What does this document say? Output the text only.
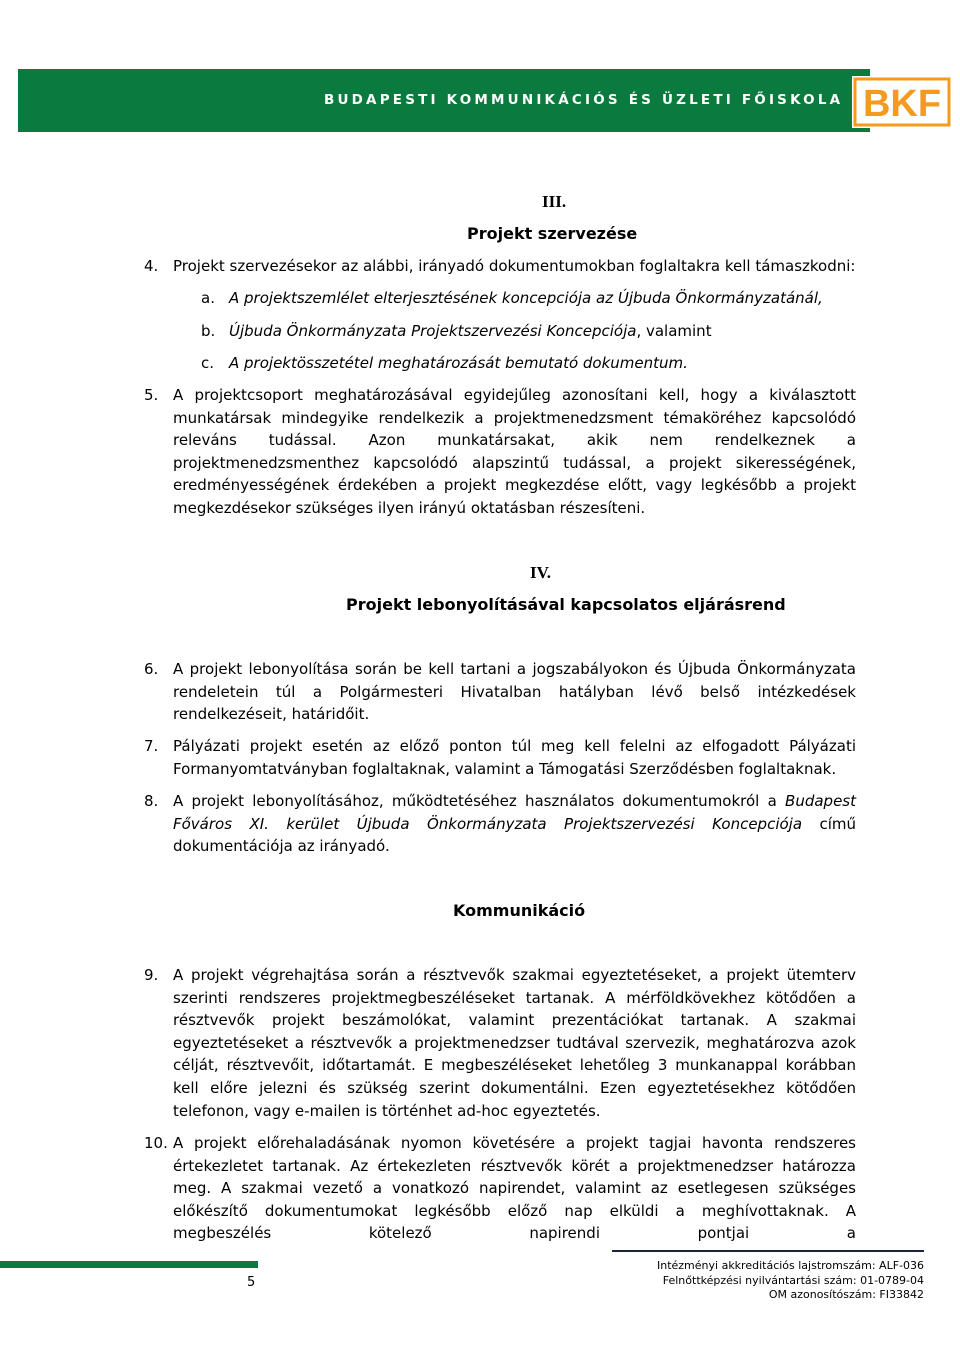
BUDAPESTI KOMMUNIKÁCIÓS ÉS ÜZLETI FŐISKOLA BKF
III.
Projekt szervezése
4. Projekt szervezésekor az alábbi, irányadó dokumentumokban foglaltakra kell támaszkodni:
a. A projektszemlélet elterjesztésének koncepciója az Újbuda Önkormányzatánál,
b. Újbuda Önkormányzata Projektszervezési Koncepciója, valamint
c. A projektösszetétel meghatározását bemutató dokumentum.
5. A projektcsoport meghatározásával egyidejűleg azonosítani kell, hogy a kiválasztott munkatársak mindegyike rendelkezik a projektmenedzsment témaköréhez kapcsolódó releváns tudással. Azon munkatársakat, akik nem rendelkeznek a projektmenedzsmenthez kapcsolódó alapszintű tudással, a projekt sikerességének, eredményességének érdekében a projekt megkezdése előtt, vagy legkésőbb a projekt megkezdésekor szükséges ilyen irányú oktatásban részesíteni.
IV.
Projekt lebonyolításával kapcsolatos eljárásrend
6. A projekt lebonyolítása során be kell tartani a jogszabályokon és Újbuda Önkormányzata rendeletein túl a Polgármesteri Hivatalban hatályban lévő belső intézkedések rendelkezéseit, határidőit.
7. Pályázati projekt esetén az előző ponton túl meg kell felelni az elfogadott Pályázati Formanyomtatványban foglaltaknak, valamint a Támogatási Szerződésben foglaltaknak.
8. A projekt lebonyolításához, működtetéséhez használatos dokumentumokról a Budapest Főváros XI. kerület Újbuda Önkormányzata Projektszervezési Koncepciója című dokumentációja az irányadó.
Kommunikáció
9. A projekt végrehajtása során a résztvevők szakmai egyeztetéseket, a projekt ütemterv szerinti rendszeres projektmegbeszéléseket tartanak. A mérföldkövekhez kötődően a résztvevők projekt beszámolókat, valamint prezentációkat tartanak. A szakmai egyeztetéseket a résztvevők a projektmenedzser tudtával szervezik, meghatározva azok célját, résztvevőit, időtartamát. E megbeszéléseket lehetőleg 3 munkanappal korábban kell előre jelezni és szükség szerint dokumentálni. Ezen egyeztetésekhez kötődően telefonon, vagy e-mailen is történhet ad-hoc egyeztetés.
10. A projekt előrehaladásának nyomon követésére a projekt tagjai havonta rendszeres értekezletet tartanak. Az értekezleten résztvevők körét a projektmenedzser határozza meg. A szakmai vezető a vonatkozó napirendet, valamint az esetlegesen szükséges előkészítő dokumentumokat legkésőbb előző nap elküldi a meghívottaknak. A megbeszélés kötelező napirendi pontjai a
5
Intézményi akkreditációs lajstromszám: ALF-036
Felnőttképzési nyilvántartási szám: 01-0789-04
OM azonosítószám: FI33842
